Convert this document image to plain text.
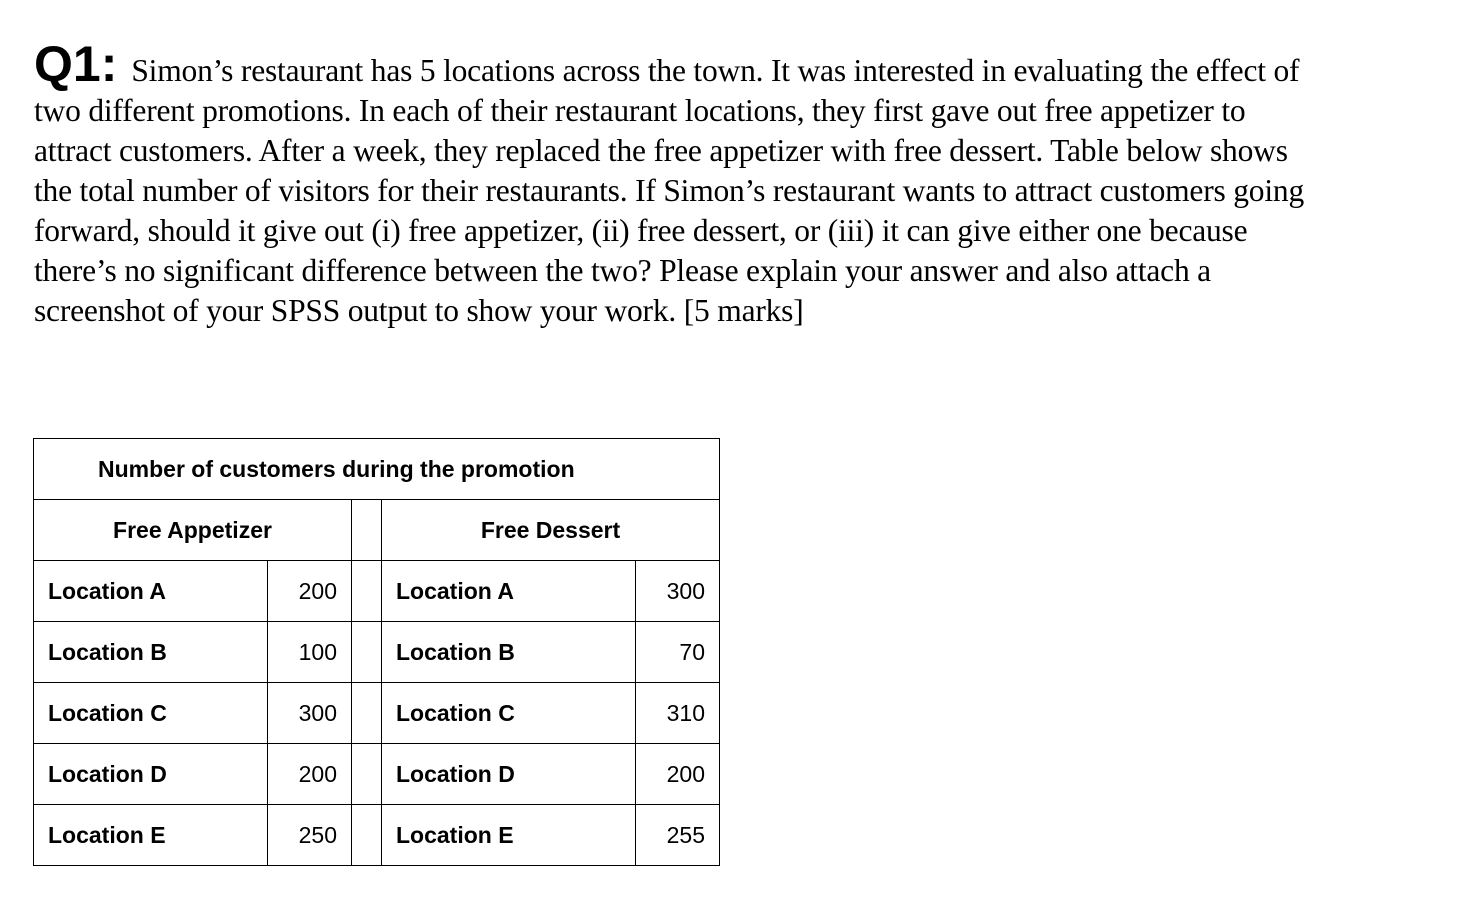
Q1: Simon’s restaurant has 5 locations across the town. It was interested in evaluating the effect of
two different promotions. In each of their restaurant locations, they first gave out free appetizer to
attract customers. After a week, they replaced the free appetizer with free dessert. Table below shows
the total number of visitors for their restaurants. If Simon’s restaurant wants to attract customers going
forward, should it give out (i) free appetizer, (ii) free dessert, or (iii) it can give either one because
there’s no significant difference between the two? Please explain your answer and also attach a
screenshot of your SPSS output to show your work. [5 marks]
Number of customers during the promotion				
Free Appetizer			Free Dessert	
Location A	200		Location A	300
Location B	100		Location B	70
Location C	300		Location C	310
Location D	200		Location D	200
Location E	250		Location E	255
